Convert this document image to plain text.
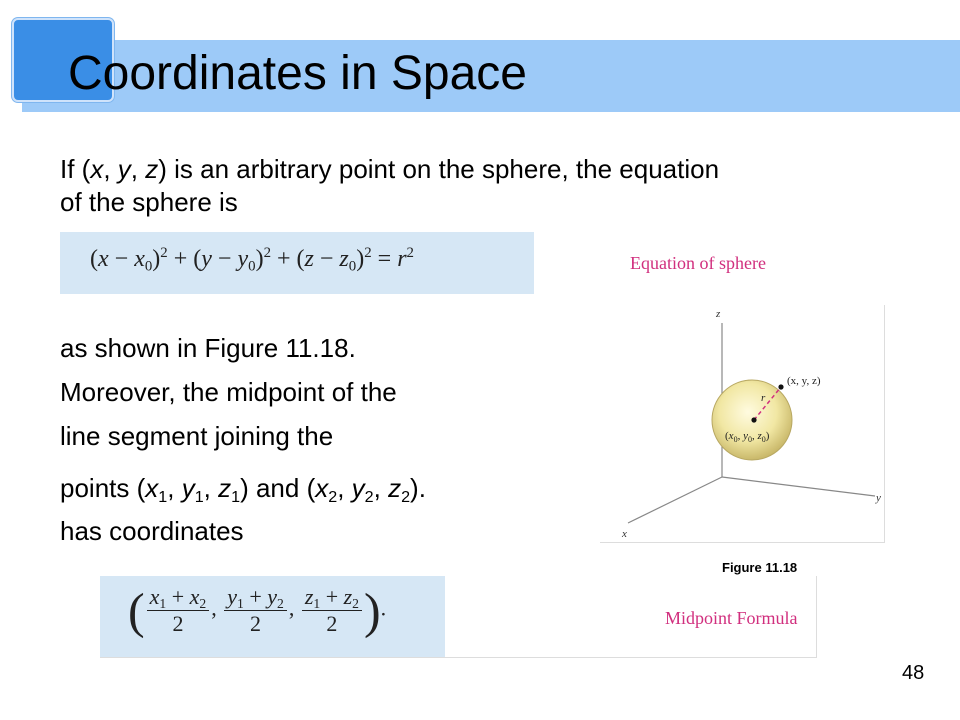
Coordinates in Space
If (x, y, z) is an arbitrary point on the sphere, the equation
of the sphere is
$(x - x_0)^2 + (y - y_0)^2 + (z - z_0)^2 = r^2$	Equation of sphere
as shown in Figure 11.18.
Moreover, the midpoint of the
line segment joining the
points ($x_1$, $y_1$, $z_1$) and ($x_2$, $y_2$, $z_2$).
has coordinates
z
y
x
(x, y, z)
r
($x_0$, $y_0$, $z_0$)
Figure 11.18
( $\frac{x_1 + x_2}{2}$ , $\frac{y_1 + y_2}{2}$ , $\frac{z_1 + z_2}{2}$ ).	Midpoint Formula
48
